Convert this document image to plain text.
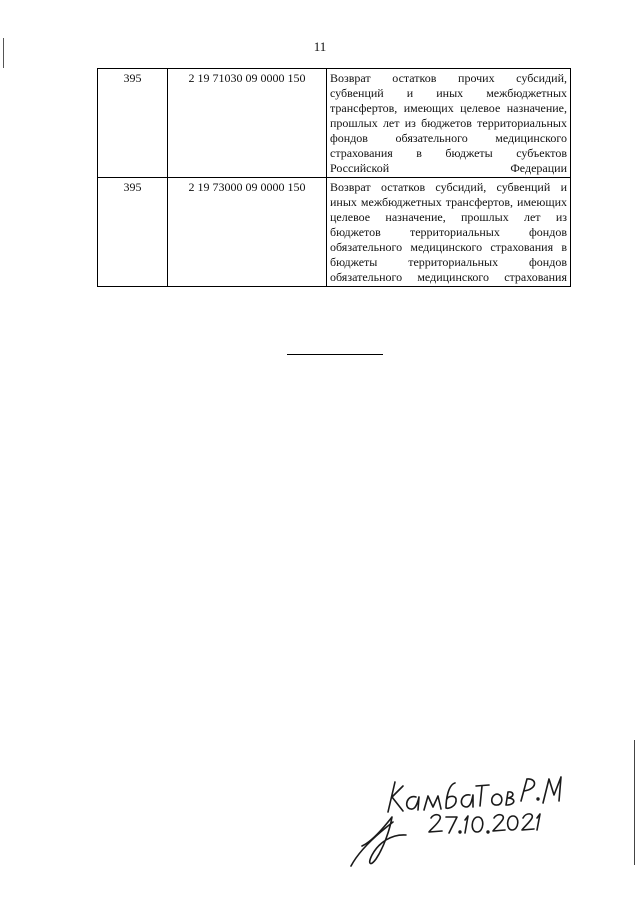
11
395	2 19 71030 09 0000 150	Возврат остатков прочих субсидий, субвенций и иных межбюджетных трансфертов, имеющих целевое назначение, прошлых лет из бюджетов территориальных фондов обязательного медицинского страхования в бюджеты субъектов Российской Федерации
395	2 19 73000 09 0000 150	Возврат остатков субсидий, субвенций и иных межбюджетных трансфертов, имеющих целевое назначение, прошлых лет из бюджетов территориальных фондов обязательного медицинского страхования в бюджеты территориальных фондов обязательного медицинского страхования
